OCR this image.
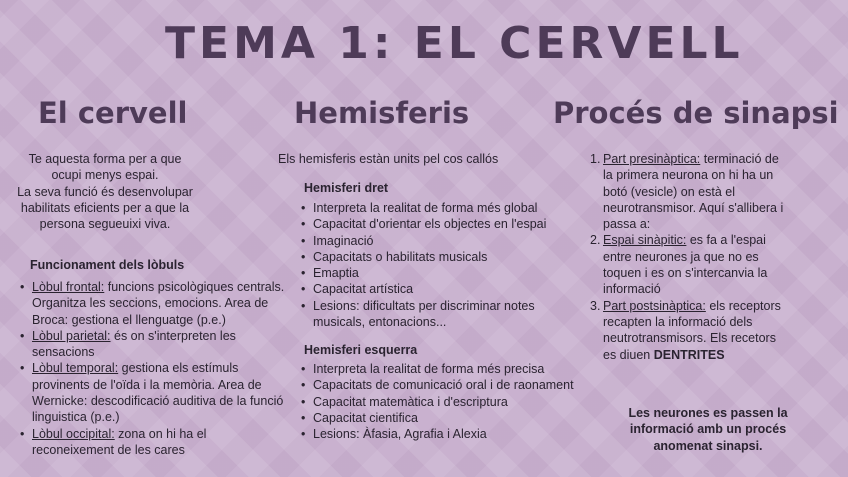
TEMA 1: EL CERVELL
El cervell
Te aquesta forma per a que ocupi menys espai.
La seva funció és desenvolupar habilitats eficients per a que la persona segueuixi viva.
Funcionament dels lòbuls
• Lòbul frontal: funcions psicològiques centrals. Organitza les seccions, emocions. Area de Broca: gestiona el llenguatge (p.e.)
• Lòbul parietal: és on s'interpreten les sensacions
• Lòbul temporal: gestiona els estímuls provinents de l'oïda i la memòria. Area de Wernicke: descodificació auditiva de la funció linguistica (p.e.)
• Lòbul occipital: zona on hi ha el reconeixement de les cares
Hemisferis
Els hemisferis estàn units pel cos callós
Hemisferi dret
• Interpreta la realitat de forma més global
• Capacitat d'orientar els objectes en l'espai
• Imaginació
• Capacitats o habilitats musicals
• Emaptia
• Capacitat artística
• Lesions: dificultats per discriminar notes musicals, entonacions...
Hemisferi esquerra
• Interpreta la realitat de forma més precisa
• Capacitats de comunicació oral i de raonament
• Capacitat matemàtica i d'escriptura
• Capacitat cientifica
• Lesions: Àfasia, Agrafia i Alexia
Procés de sinapsi
1. Part presinàptica: terminació de la primera neurona on hi ha un botó (vesicle) on està el neurotransmisor. Aquí s'allibera i passa a:
2. Espai sinàpitic: es fa a l'espai entre neurones ja que no es toquen i es on s'intercanvia la informació
3. Part postsinàptica: els receptors recapten la informació dels neutrotransmisors. Els recetors es diuen DENTRITES
Les neurones es passen la informació amb un procés anomenat sinapsi.
